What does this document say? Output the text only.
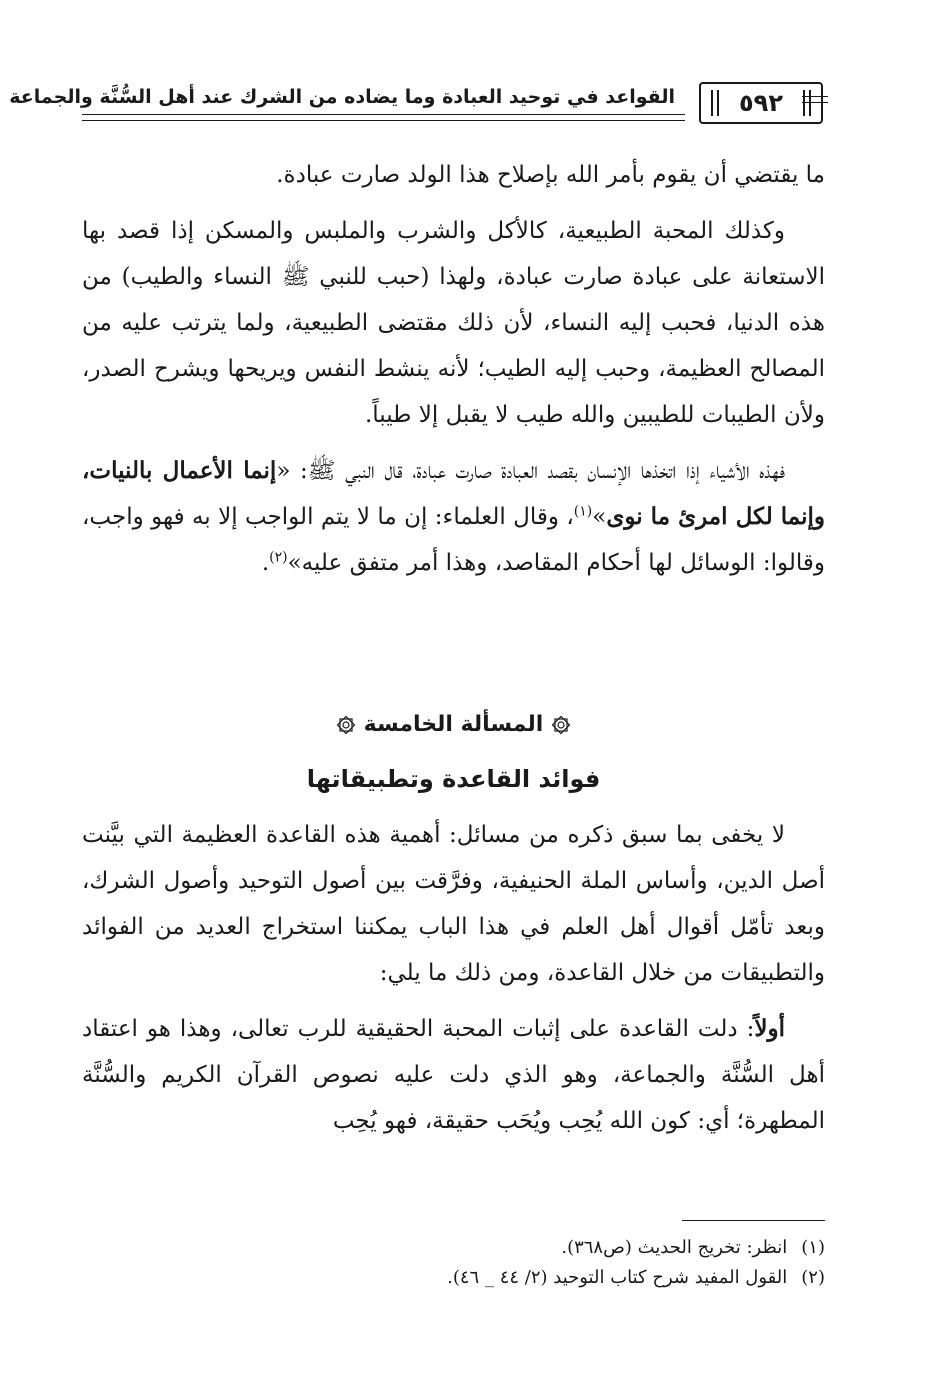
٥٩٢
القواعد في توحيد العبادة وما يضاده من الشرك عند أهل السُّنَّة والجماعة

ما يقتضي أن يقوم بأمر الله بإصلاح هذا الولد صارت عبادة.

وكذلك المحبة الطبيعية، كالأكل والشرب والملبس والمسكن إذا قصد بها الاستعانة على عبادة صارت عبادة، ولهذا (حبب للنبي ﷺ النساء والطيب) من هذه الدنيا، فحبب إليه النساء، لأن ذلك مقتضى الطبيعية، ولما يترتب عليه من المصالح العظيمة، وحبب إليه الطيب؛ لأنه ينشط النفس ويريحها ويشرح الصدر، ولأن الطيبات للطيبين والله طيب لا يقبل إلا طيباً.

فهذه الأشياء إذا اتخذها الإنسان بقصد العبادة صارت عبادة، قال النبي ﷺ: «إنما الأعمال بالنيات، وإنما لكل امرئ ما نوى»$^{(١)}$، وقال العلماء: إن ما لا يتم الواجب إلا به فهو واجب، وقالوا: الوسائل لها أحكام المقاصد، وهذا أمر متفق عليه»$^{(٢)}$.

المسألة الخامسة
فوائد القاعدة وتطبيقاتها

لا يخفى بما سبق ذكره من مسائل: أهمية هذه القاعدة العظيمة التي بيَّنت أصل الدين، وأساس الملة الحنيفية، وفرَّقت بين أصول التوحيد وأصول الشرك، وبعد تأمّل أقوال أهل العلم في هذا الباب يمكننا استخراج العديد من الفوائد والتطبيقات من خلال القاعدة، ومن ذلك ما يلي:

أولاً: دلت القاعدة على إثبات المحبة الحقيقية للرب تعالى، وهذا هو اعتقاد أهل السُّنَّة والجماعة، وهو الذي دلت عليه نصوص القرآن الكريم والسُّنَّة المطهرة؛ أي: كون الله يُحِب ويُحَب حقيقة، فهو يُحِب

(١)
انظر: تخريج الحديث (ص٣٦٨).
(٢)
القول المفيد شرح كتاب التوحيد (٢/ ٤٤ _ ٤٦).
